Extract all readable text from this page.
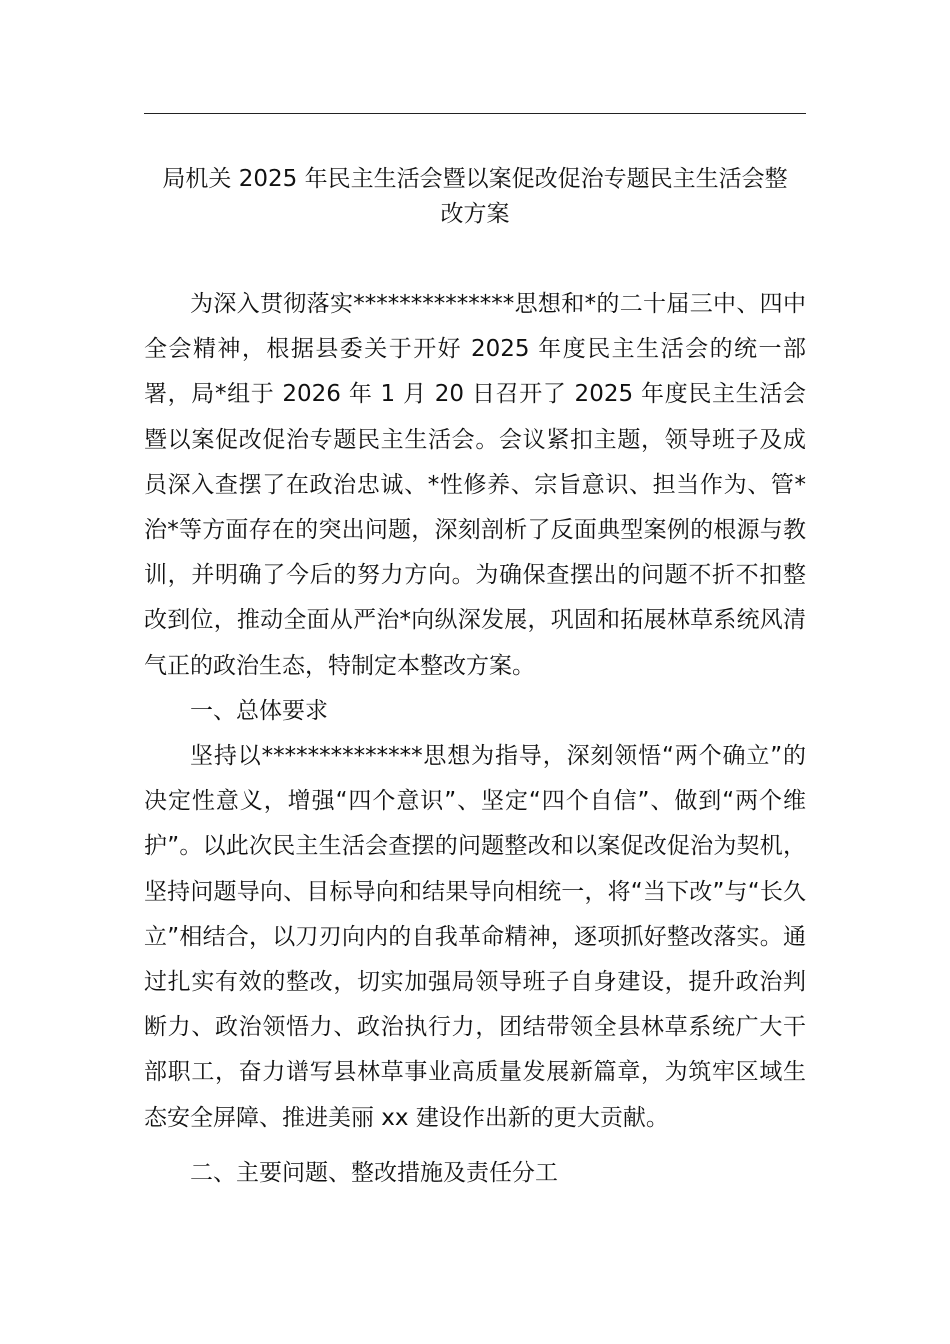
局机关 2025 年民主生活会暨以案促改促治专题民主生活会整
改方案

为深入贯彻落实**************思想和*的二十届三中、四中全会精神，根据县委关于开好 2025 年度民主生活会的统一部署，局*组于 2026 年 1 月 20 日召开了 2025 年度民主生活会暨以案促改促治专题民主生活会。会议紧扣主题，领导班子及成员深入查摆了在政治忠诚、*性修养、宗旨意识、担当作为、管*治*等方面存在的突出问题，深刻剖析了反面典型案例的根源与教训，并明确了今后的努力方向。为确保查摆出的问题不折不扣整改到位，推动全面从严治*向纵深发展，巩固和拓展林草系统风清气正的政治生态，特制定本整改方案。

一、总体要求

坚持以**************思想为指导，深刻领悟“两个确立”的决定性意义，增强“四个意识”、坚定“四个自信”、做到“两个维护”。以此次民主生活会查摆的问题整改和以案促改促治为契机，坚持问题导向、目标导向和结果导向相统一，将“当下改”与“长久立”相结合，以刀刃向内的自我革命精神，逐项抓好整改落实。通过扎实有效的整改，切实加强局领导班子自身建设，提升政治判断力、政治领悟力、政治执行力，团结带领全县林草系统广大干部职工，奋力谱写县林草事业高质量发展新篇章，为筑牢区域生态安全屏障、推进美丽 xx 建设作出新的更大贡献。

二、主要问题、整改措施及责任分工
